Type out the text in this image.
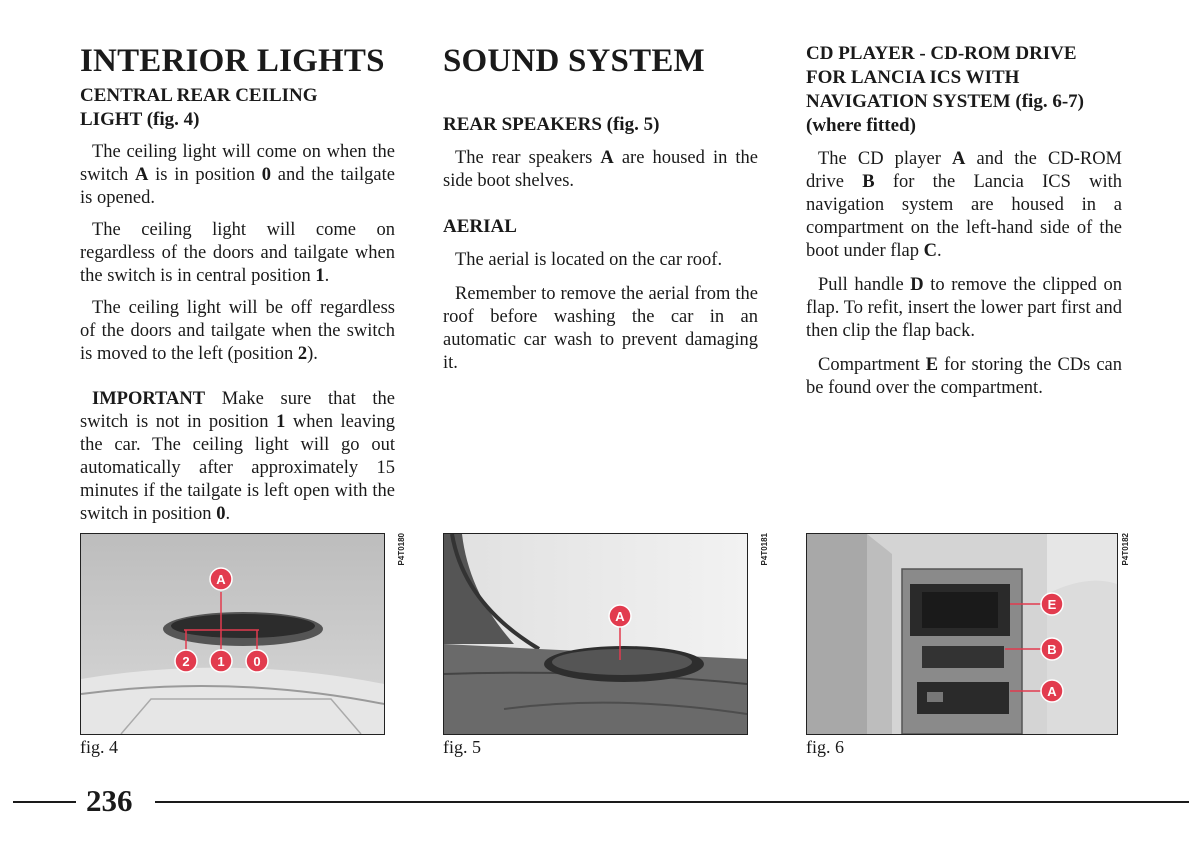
INTERIOR LIGHTS
CENTRAL REAR CEILING
LIGHT (fig. 4)

The ceiling light will come on when the switch A is in position 0 and the tailgate is opened.

The ceiling light will come on regardless of the doors and tailgate when the switch is in central position 1.

The ceiling light will be off regardless of the doors and tailgate when the switch is moved to the left (position 2).

IMPORTANT Make sure that the switch is not in position 1 when leaving the car. The ceiling light will go out automatically after approximately 15 minutes if the tailgate is left open with the switch in position 0.

SOUND SYSTEM
REAR SPEAKERS (fig. 5)

The rear speakers A are housed in the side boot shelves.

AERIAL

The aerial is located on the car roof.

Remember to remove the aerial from the roof before washing the car in an automatic car wash to prevent damaging it.

CD PLAYER - CD-ROM DRIVE
FOR LANCIA ICS WITH
NAVIGATION SYSTEM (fig. 6-7)
(where fitted)

The CD player A and the CD-ROM drive B for the Lancia ICS with navigation system are housed in a compartment on the left-hand side of the boot under flap C.

Pull handle D to remove the clipped on flap. To refit, insert the lower part first and then clip the flap back.

Compartment E for storing the CDs can be found over the compartment.

A
2 1 0
P4T0180
fig. 4
A
P4T0181
fig. 5
E
B
A
P4T0182
fig. 6
236
